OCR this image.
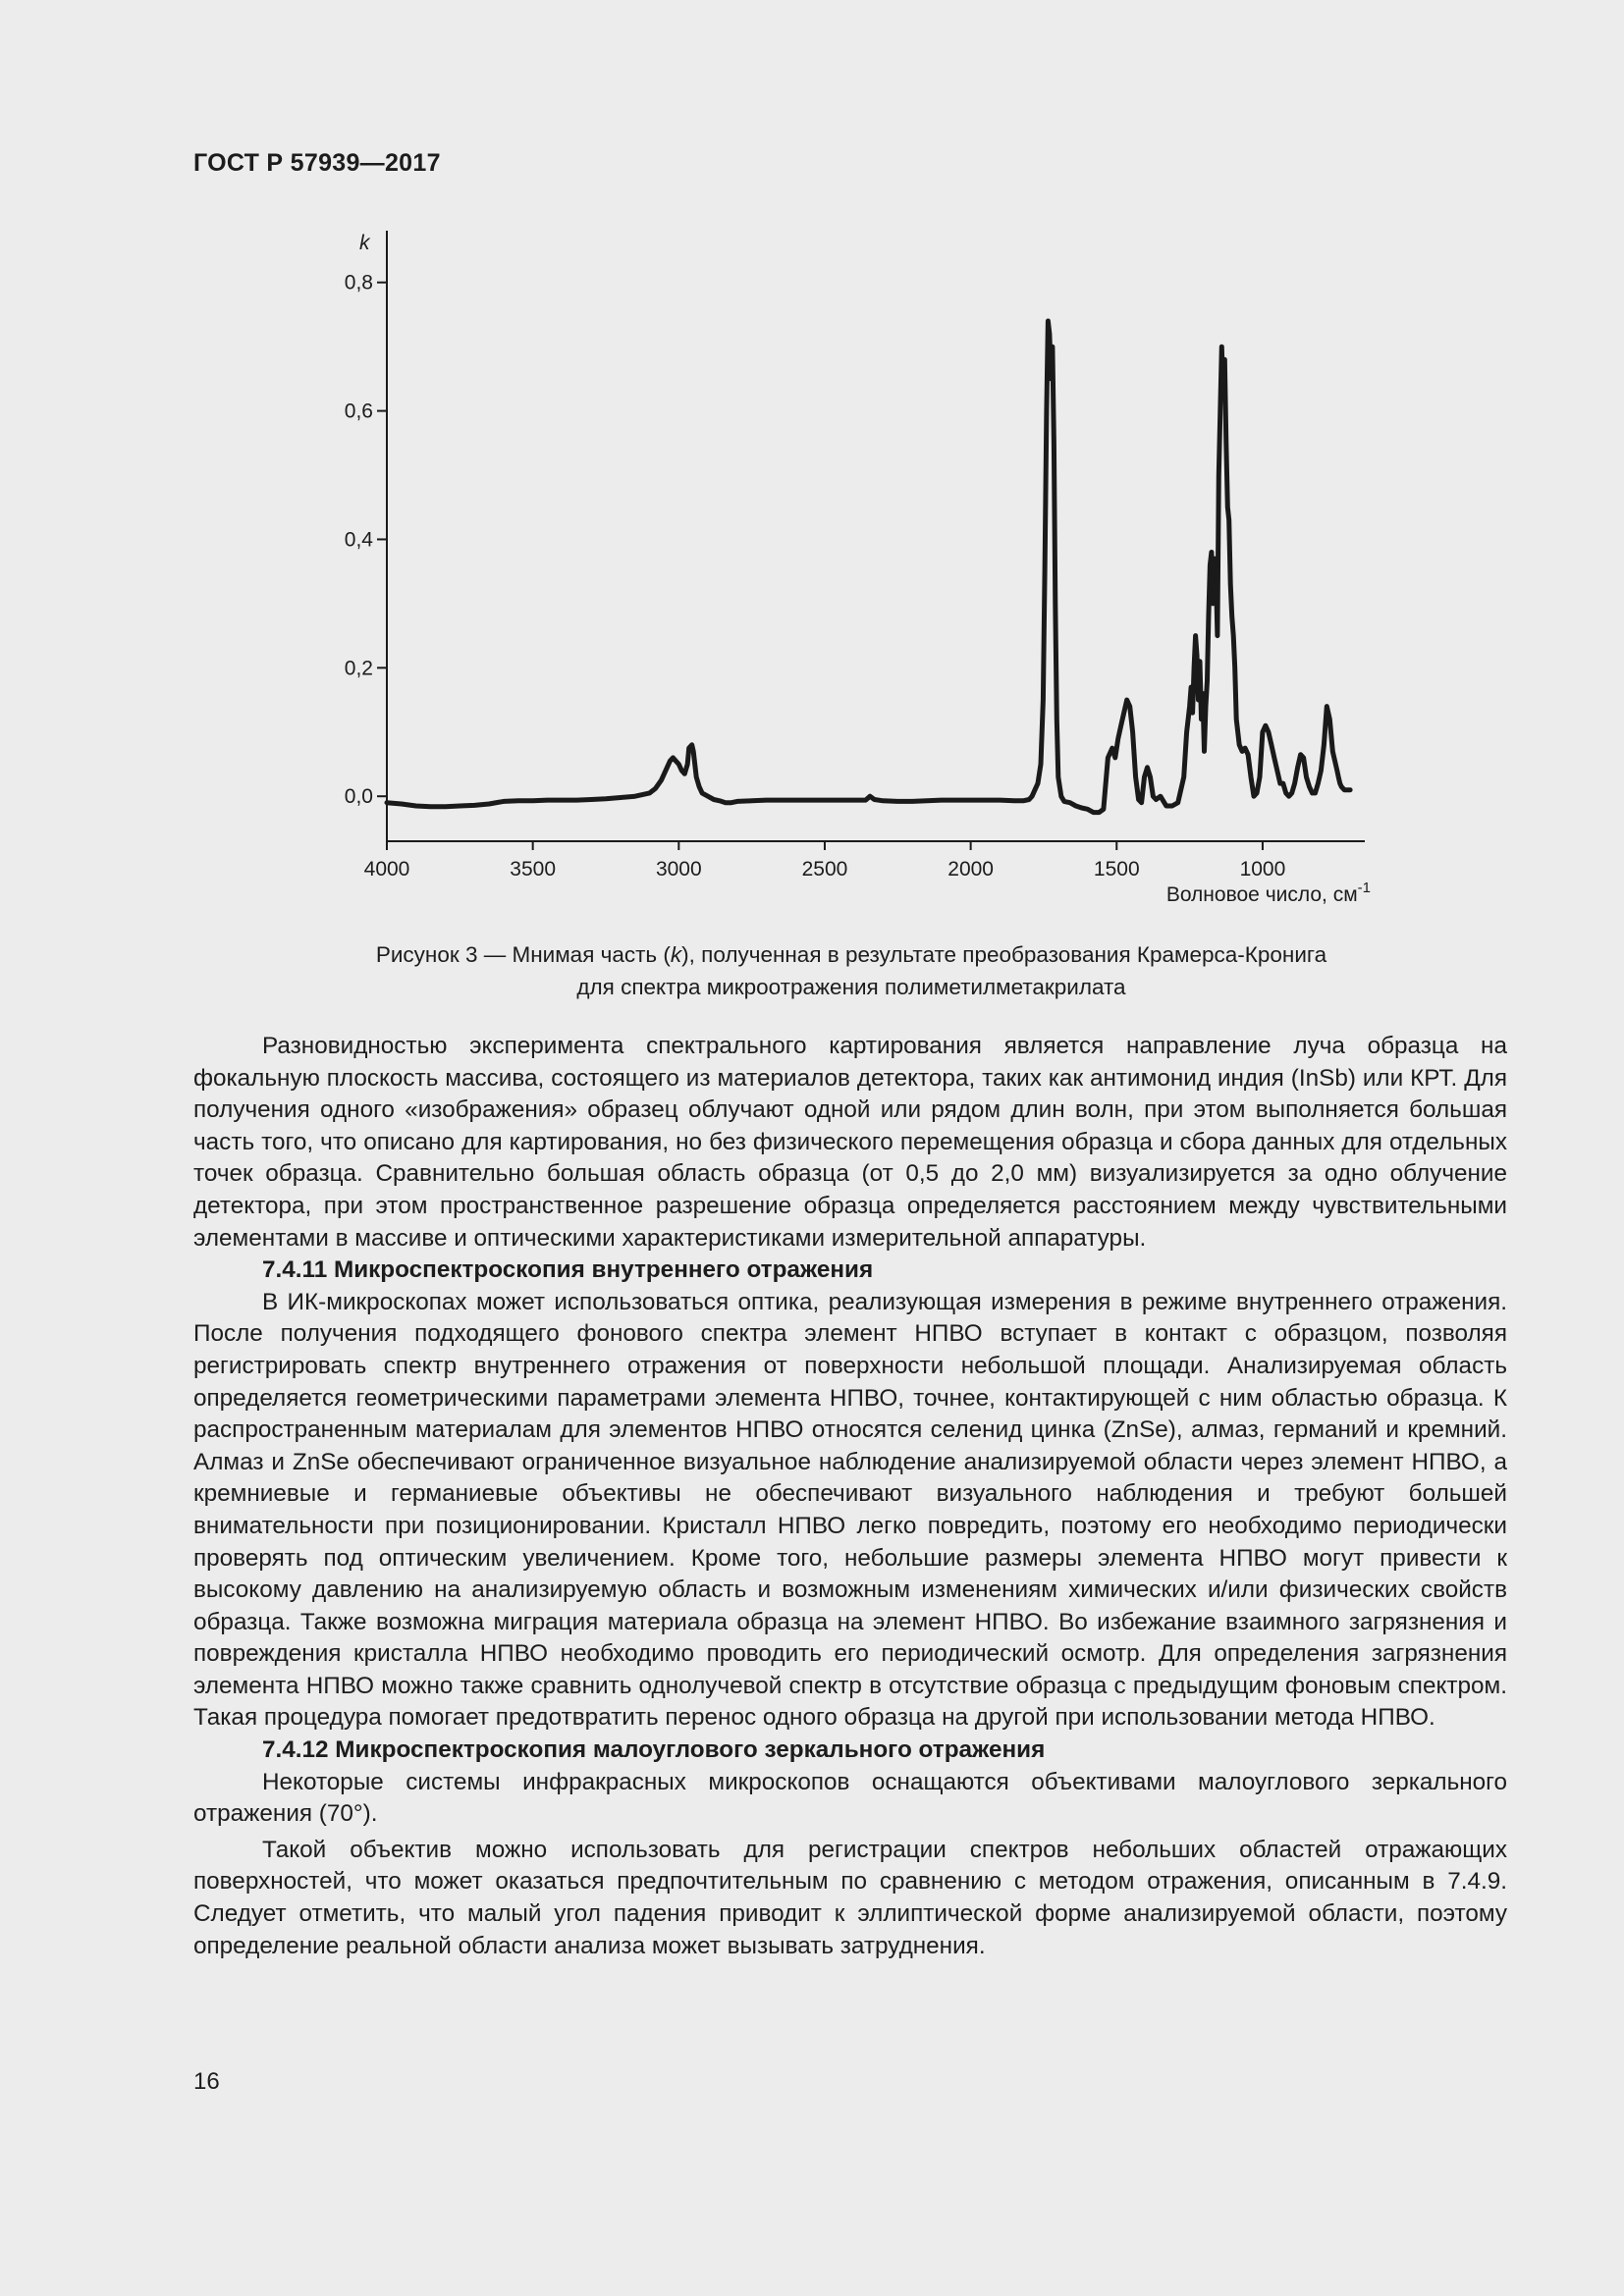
ГОСТ Р 57939—2017
0,0
0,2
0,4
0,6
0,8
4000	3500	3000	2500	2000	1500	1000
k
Волновое число, $см^{-1}$
Рисунок 3 — Мнимая часть (k), полученная в результате преобразования Крамерса-Кронига
для спектра микроотражения полиметилметакрилата

Разновидностью эксперимента спектрального картирования является направление луча образца на фокальную плоскость массива, состоящего из материалов детектора, таких как антимонид индия (InSb) или КРТ. Для получения одного «изображения» образец облучают одной или рядом длин волн, при этом выполняется большая часть того, что описано для картирования, но без физического перемещения образца и сбора данных для отдельных точек образца. Сравнительно большая область образца (от 0,5 до 2,0 мм) визуализируется за одно облучение детектора, при этом пространственное разрешение образца определяется расстоянием между чувствительными элементами в массиве и оптическими характеристиками измерительной аппаратуры.

7.4.11 Микроспектроскопия внутреннего отражения

В ИК-микроскопах может использоваться оптика, реализующая измерения в режиме внутреннего отражения. После получения подходящего фонового спектра элемент НПВО вступает в контакт с образцом, позволяя регистрировать спектр внутреннего отражения от поверхности небольшой площади. Анализируемая область определяется геометрическими параметрами элемента НПВО, точнее, контактирующей с ним областью образца. К распространенным материалам для элементов НПВО относятся селенид цинка (ZnSe), алмаз, германий и кремний. Алмаз и ZnSe обеспечивают ограниченное визуальное наблюдение анализируемой области через элемент НПВО, а кремниевые и германиевые объективы не обеспечивают визуального наблюдения и требуют большей внимательности при позиционировании. Кристалл НПВО легко повредить, поэтому его необходимо периодически проверять под оптическим увеличением. Кроме того, небольшие размеры элемента НПВО могут привести к высокому давлению на анализируемую область и возможным изменениям химических и/или физических свойств образца. Также возможна миграция материала образца на элемент НПВО. Во избежание взаимного загрязнения и повреждения кристалла НПВО необходимо проводить его периодический осмотр. Для определения загрязнения элемента НПВО можно также сравнить однолучевой спектр в отсутствие образца с предыдущим фоновым спектром. Такая процедура помогает предотвратить перенос одного образца на другой при использовании метода НПВО.

7.4.12 Микроспектроскопия малоуглового зеркального отражения

Некоторые системы инфракрасных микроскопов оснащаются объективами малоуглового зеркального отражения (70°).

Такой объектив можно использовать для регистрации спектров небольших областей отражающих поверхностей, что может оказаться предпочтительным по сравнению с методом отражения, описанным в 7.4.9. Следует отметить, что малый угол падения приводит к эллиптической форме анализируемой области, поэтому определение реальной области анализа может вызывать затруднения.

16
